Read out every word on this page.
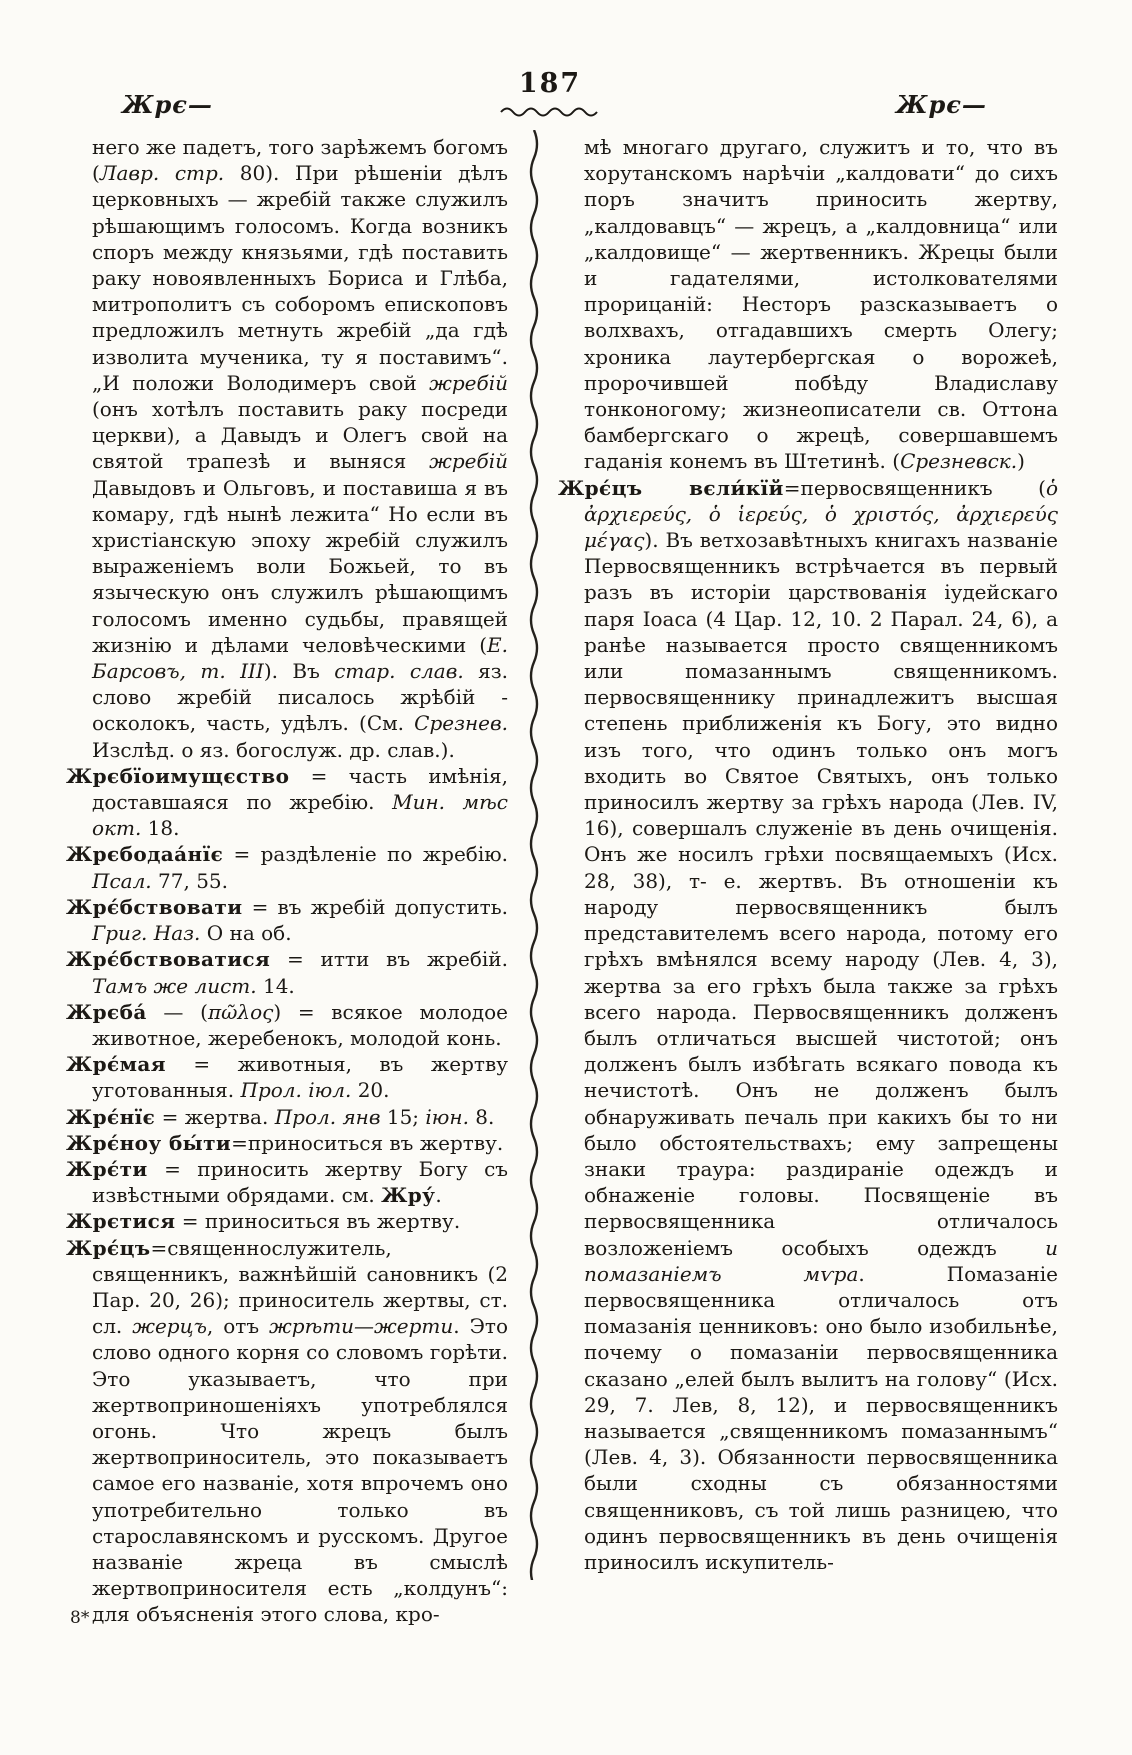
Жрє—
187
Жрє—

него же падетъ, того зарѣжемъ богомъ (Лавр. стр. 80). При рѣшеніи дѣлъ церковныхъ — жребій также служилъ рѣшающимъ голосомъ. Когда возникъ споръ между князьями, гдѣ поставить раку новоявленныхъ Бориса и Глѣба, митрополитъ съ соборомъ епископовъ предложилъ метнуть жребій „да гдѣ изволита мученика, ту я поставимъ“. „И положи Володимеръ свой жребій (онъ хотѣлъ поставить раку посреди церкви), а Давыдъ и Олегъ свой на святой трапезѣ и выняся жребій Давыдовъ и Ольговъ, и поставиша я въ комару, гдѣ нынѣ лежита“ Но если въ христіанскую эпоху жребій служилъ выраженіемъ воли Божьей, то въ языческую онъ служилъ рѣшающимъ голосомъ именно судьбы, правящей жизнію и дѣлами человѣческими (Е. Барсовъ, т. III). Въ стар. слав. яз. слово жребій писалось жрѣбій - осколокъ, часть, удѣлъ. (См. Срезнев. Изслѣд. о яз. богослуж. др. слав.).

Жрєбїоимущєство = часть имѣнія, доставшаяся по жребію. Мин. мѣс окт. 18.

Жрєбодаа́нїє = раздѣленіе по жребію. Псал. 77, 55.

Жрє́бствовати = въ жребій допустить. Григ. Наз. О на об.

Жрє́бствоватися = итти въ жребій. Тамъ же лист. 14.

Жрєба́ — (πῶλος) = всякое молодое животное, жеребенокъ, молодой конь.

Жрє́мая = животныя, въ жертву уготованныя. Прол. іюл. 20.

Жрє́нїє = жертва. Прол. янв 15; іюн. 8.

Жрє́ноу бы́ти=приноситься въ жертву.

Жрє́ти = приносить жертву Богу съ извѣстными обрядами. см. Жру́.

Жрєтися = приноситься въ жертву.

Жрє́цъ=священнослужитель, священникъ, важнѣйшій сановникъ (2 Пар. 20, 26); приноситель жертвы, ст. сл. жерцъ, отъ жрѣти—жерти. Это слово одного корня со словомъ горѣти. Это указываетъ, что при жертвоприношеніяхъ употреблялся огонь. Что жрецъ былъ жертвоприноситель, это показываетъ самое его названіе, хотя впрочемъ оно употребительно только въ старославянскомъ и русскомъ. Другое названіе жреца въ смыслѣ жертвоприносителя есть „колдунъ“: для объясненія этого слова, кро-

мѣ многаго другаго, служитъ и то, что въ хорутанскомъ нарѣчіи „калдовати“ до сихъ поръ значитъ приносить жертву, „калдовавцъ“ — жрецъ, а „калдовница“ или „калдовище“ — жертвенникъ. Жрецы были и гадателями, истолкователями прорицаній: Несторъ разсказываетъ о волхвахъ, отгадавшихъ смерть Олегу; хроника лаутербергская о ворожеѣ, пророчившей побѣду Владиславу тонконогому; жизнеописатели св. Оттона бамбергскаго о жрецѣ, совершавшемъ гаданія конемъ въ Штетинѣ. (Срезневск.)

Жрє́цъ вєли́кїй=первосвященникъ (ὁ ἀρχιερεύς, ὁ ἱερεύς, ὁ χριστός, ἀρχιερεύς μέγας). Въ ветхозавѣтныхъ книгахъ названіе Первосвященникъ встрѣчается въ первый разъ въ исторіи царствованія іудейскаго паря Іоаса (4 Цар. 12, 10. 2 Парал. 24, 6), а ранѣе называется просто священникомъ или помазаннымъ священникомъ. первосвященнику принадлежитъ высшая степень приближенія къ Богу, это видно изъ того, что одинъ только онъ могъ входить во Святое Святыхъ, онъ только приносилъ жертву за грѣхъ народа (Лев. IV, 16), совершалъ служеніе въ день очищенія. Онъ же носилъ грѣхи посвящаемыхъ (Исх. 28, 38), т- е. жертвъ. Въ отношеніи къ народу первосвященникъ былъ представителемъ всего народа, потому его грѣхъ вмѣнялся всему народу (Лев. 4, 3), жертва за его грѣхъ была также за грѣхъ всего народа. Первосвященникъ долженъ былъ отличаться высшей чистотой; онъ долженъ былъ избѣгать всякаго повода къ нечистотѣ. Онъ не долженъ былъ обнаруживать печаль при какихъ бы то ни было обстоятельствахъ; ему запрещены знаки траура: раздираніе одеждъ и обнаженіе головы. Посвященіе въ первосвященника отличалось возложеніемъ особыхъ одеждъ и помазаніемъ мѵра. Помазаніе первосвященника отличалось отъ помазанія ценниковъ: оно было изобильнѣе, почему о помазаніи первосвященника сказано „елей былъ вылитъ на голову“ (Исх. 29, 7. Лев, 8, 12), и первосвященникъ называется „священникомъ помазаннымъ“ (Лев. 4, 3). Обязанности первосвященника были сходны съ обязанностями священниковъ, съ той лишь разницею, что одинъ первосвященникъ въ день очищенія приносилъ искупитель-

8*
